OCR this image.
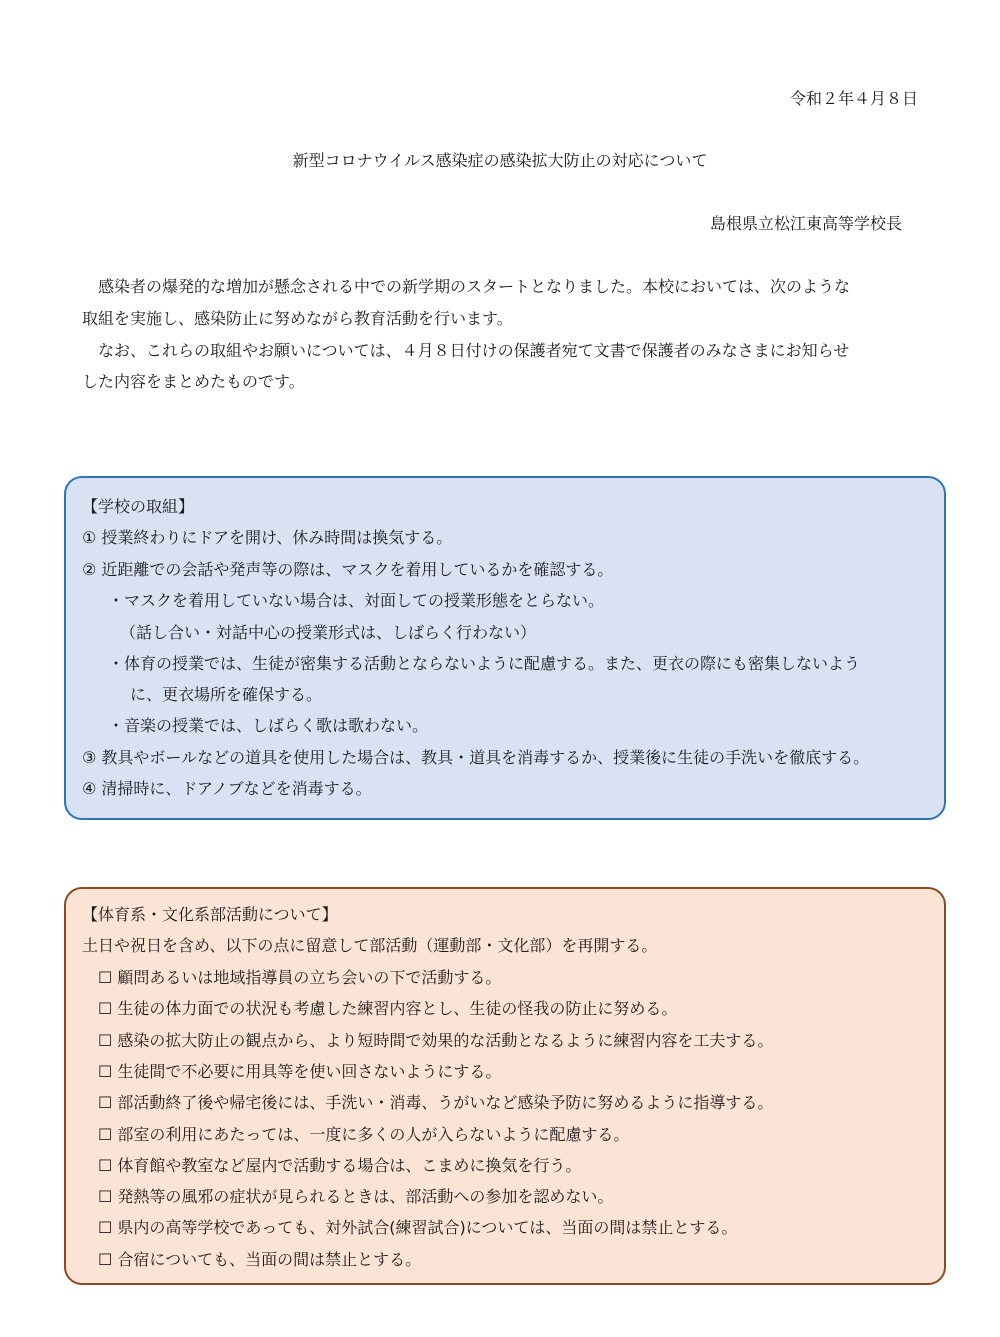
令和２年４月８日
新型コロナウイルス感染症の感染拡大防止の対応について
島根県立松江東高等学校長
　感染者の爆発的な増加が懸念される中での新学期のスタートとなりました。本校においては、次のような
取組を実施し、感染防止に努めながら教育活動を行います。
　なお、これらの取組やお願いについては、４月８日付けの保護者宛て文書で保護者のみなさまにお知らせ
した内容をまとめたものです。
【学校の取組】
① 授業終わりにドアを開け、休み時間は換気する。
② 近距離での会話や発声等の際は、マスクを着用しているかを確認する。
・マスクを着用していない場合は、対面しての授業形態をとらない。
（話し合い・対話中心の授業形式は、しばらく行わない）
・体育の授業では、生徒が密集する活動とならないように配慮する。また、更衣の際にも密集しないよう
に、更衣場所を確保する。
・音楽の授業では、しばらく歌は歌わない。
③ 教具やボールなどの道具を使用した場合は、教具・道具を消毒するか、授業後に生徒の手洗いを徹底する。
④ 清掃時に、ドアノブなどを消毒する。
【体育系・文化系部活動について】
土日や祝日を含め、以下の点に留意して部活動（運動部・文化部）を再開する。
☐ 顧問あるいは地域指導員の立ち会いの下で活動する。
☐ 生徒の体力面での状況も考慮した練習内容とし、生徒の怪我の防止に努める。
☐ 感染の拡大防止の観点から、より短時間で効果的な活動となるように練習内容を工夫する。
☐ 生徒間で不必要に用具等を使い回さないようにする。
☐ 部活動終了後や帰宅後には、手洗い・消毒、うがいなど感染予防に努めるように指導する。
☐ 部室の利用にあたっては、一度に多くの人が入らないように配慮する。
☐ 体育館や教室など屋内で活動する場合は、こまめに換気を行う。
☐ 発熱等の風邪の症状が見られるときは、部活動への参加を認めない。
☐ 県内の高等学校であっても、対外試合(練習試合)については、当面の間は禁止とする。
☐ 合宿についても、当面の間は禁止とする。
